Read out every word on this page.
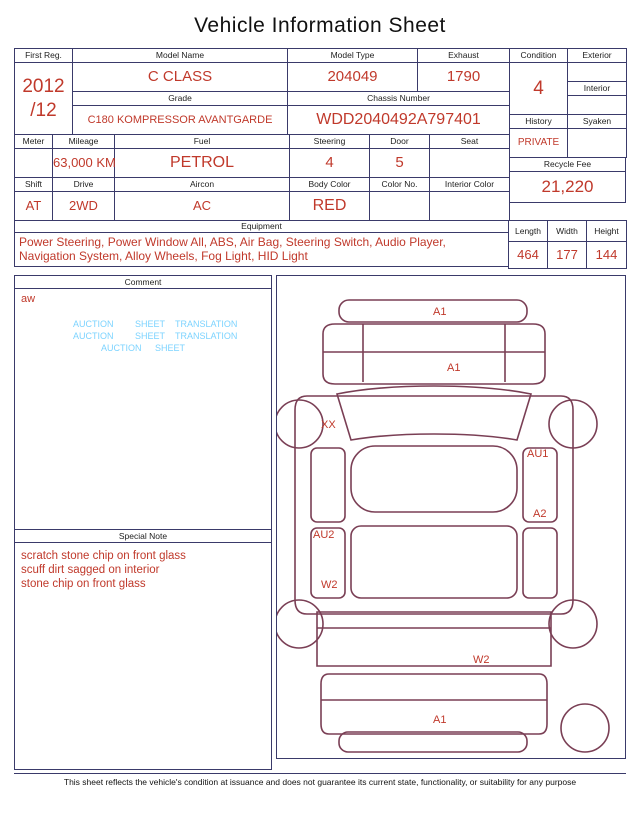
Vehicle Information Sheet
First Reg.	Model Name	Model Type	Exhaust

2012
/12	C CLASS	204049	1790
	Grade	Chassis Number	
	C180 KOMPRESSOR AVANTGARDE	WDD2040492A797401	
Meter	Mileage	Fuel	Steering	Door	Seat
	63,000 KM	PETROL	4	5	
Shift	Drive	Aircon	Body Color	Color No.	Interior Color
AT	2WD	AC	RED		
Condition	Exterior
4	
	Interior

History	Syaken
PRIVATE	
Recycle Fee
21,220
Equipment
Power Steering, Power Window All, ABS, Air Bag, Steering Switch, Audio Player, Navigation System, Alloy Wheels, Fog Light, HID Light
Length	Width	Height
464	177	144
Comment
aw
AUCTION SHEET TRANSLATION
AUCTION SHEET TRANSLATION
AUCTION SHEET
Special Note
scratch stone chip on front glass
scuff dirt sagged on interior
stone chip on front glass
A1
A1
XX
AU1
A2
AU2
W2
W2
A1
This sheet reflects the vehicle's condition at issuance and does not guarantee its current state, functionality, or suitability for any purpose
